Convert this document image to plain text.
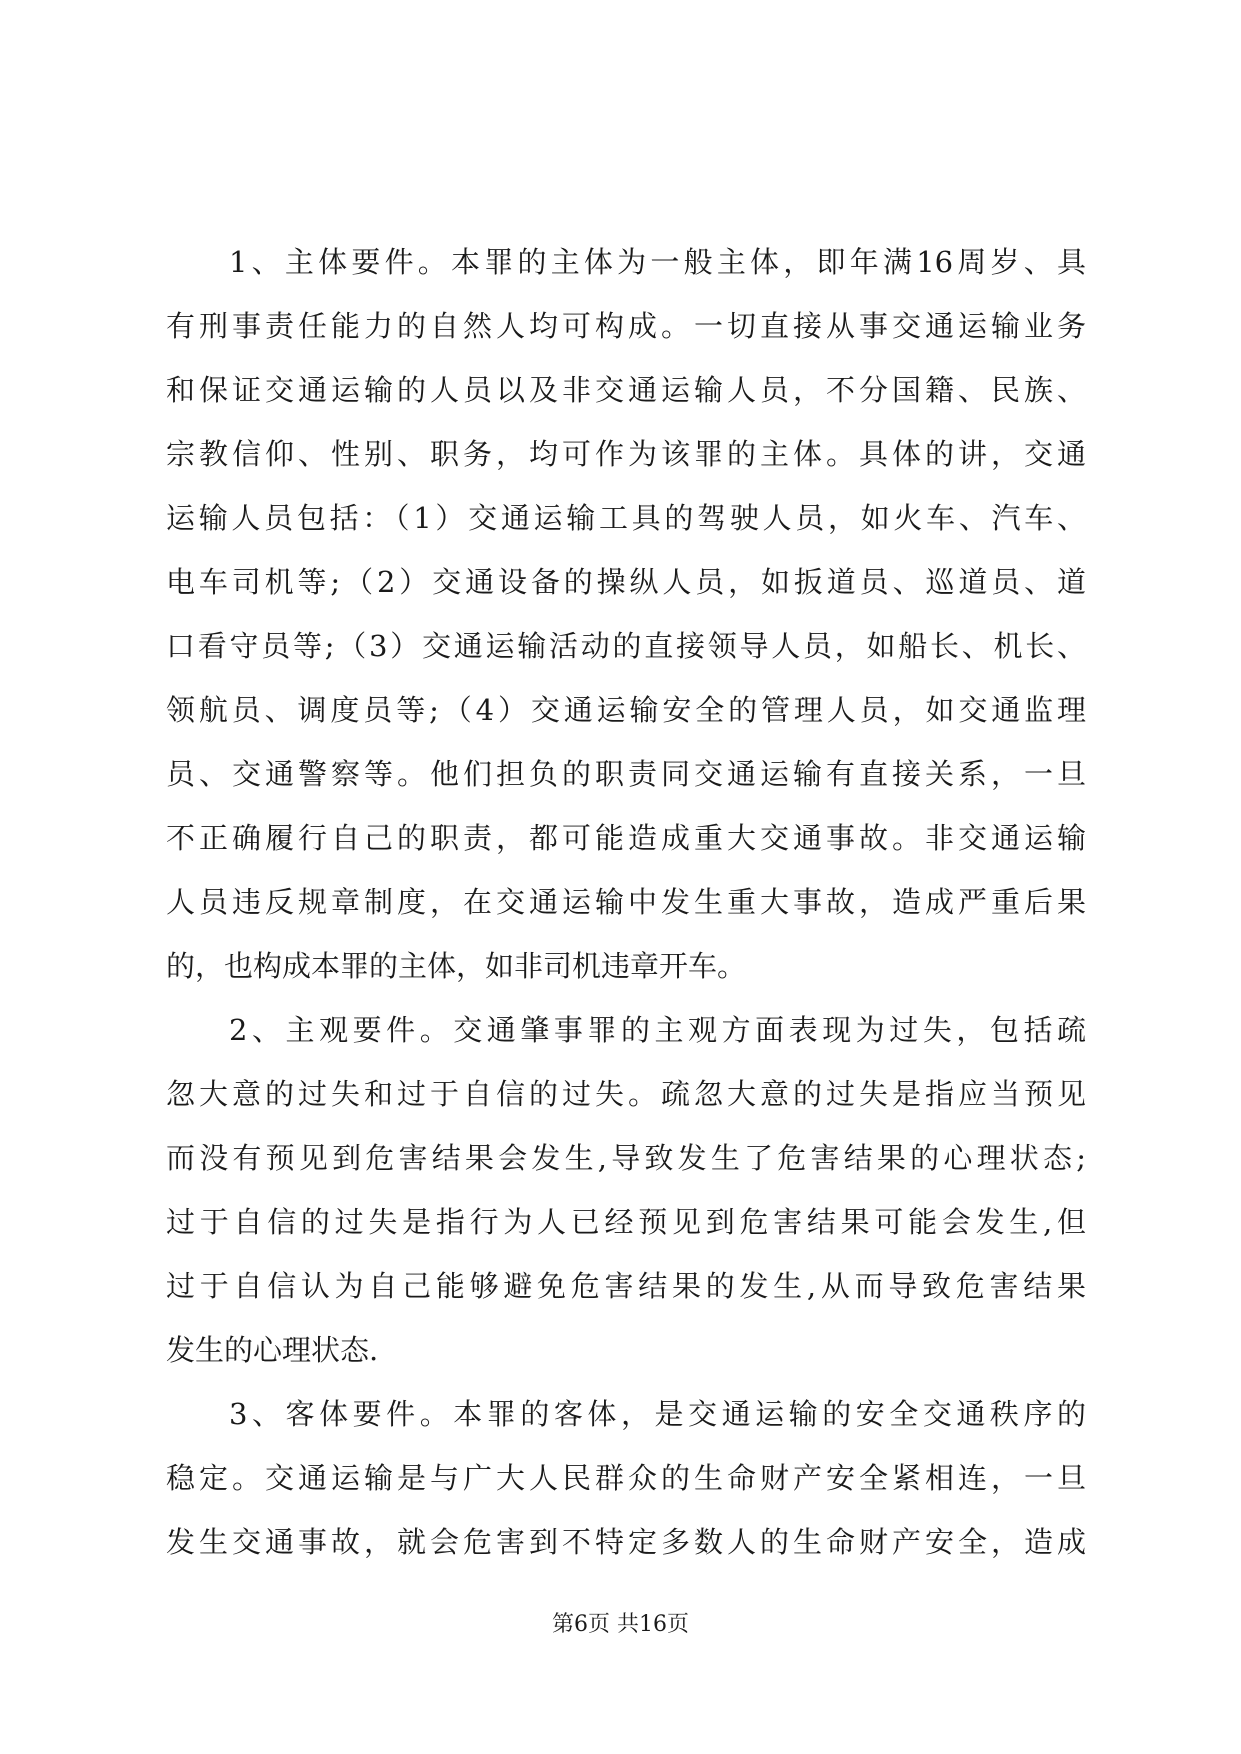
1、主体要件。本罪的主体为一般主体，即年满16周岁、具
有刑事责任能力的自然人均可构成。一切直接从事交通运输业务
和保证交通运输的人员以及非交通运输人员，不分国籍、民族、
宗教信仰、性别、职务，均可作为该罪的主体。具体的讲，交通
运输人员包括：（1）交通运输工具的驾驶人员，如火车、汽车、
电车司机等;（2）交通设备的操纵人员，如扳道员、巡道员、道
口看守员等;（3）交通运输活动的直接领导人员，如船长、机长、
领航员、调度员等;（4）交通运输安全的管理人员，如交通监理
员、交通警察等。他们担负的职责同交通运输有直接关系，一旦
不正确履行自己的职责，都可能造成重大交通事故。非交通运输
人员违反规章制度，在交通运输中发生重大事故，造成严重后果
的，也构成本罪的主体，如非司机违章开车。
2、主观要件。交通肇事罪的主观方面表现为过失，包括疏
忽大意的过失和过于自信的过失。疏忽大意的过失是指应当预见
而没有预见到危害结果会发生,导致发生了危害结果的心理状态;
过于自信的过失是指行为人已经预见到危害结果可能会发生,但
过于自信认为自己能够避免危害结果的发生,从而导致危害结果
发生的心理状态.
3、客体要件。本罪的客体，是交通运输的安全交通秩序的
稳定。交通运输是与广大人民群众的生命财产安全紧相连，一旦
发生交通事故，就会危害到不特定多数人的生命财产安全，造成
第6页 共16页
